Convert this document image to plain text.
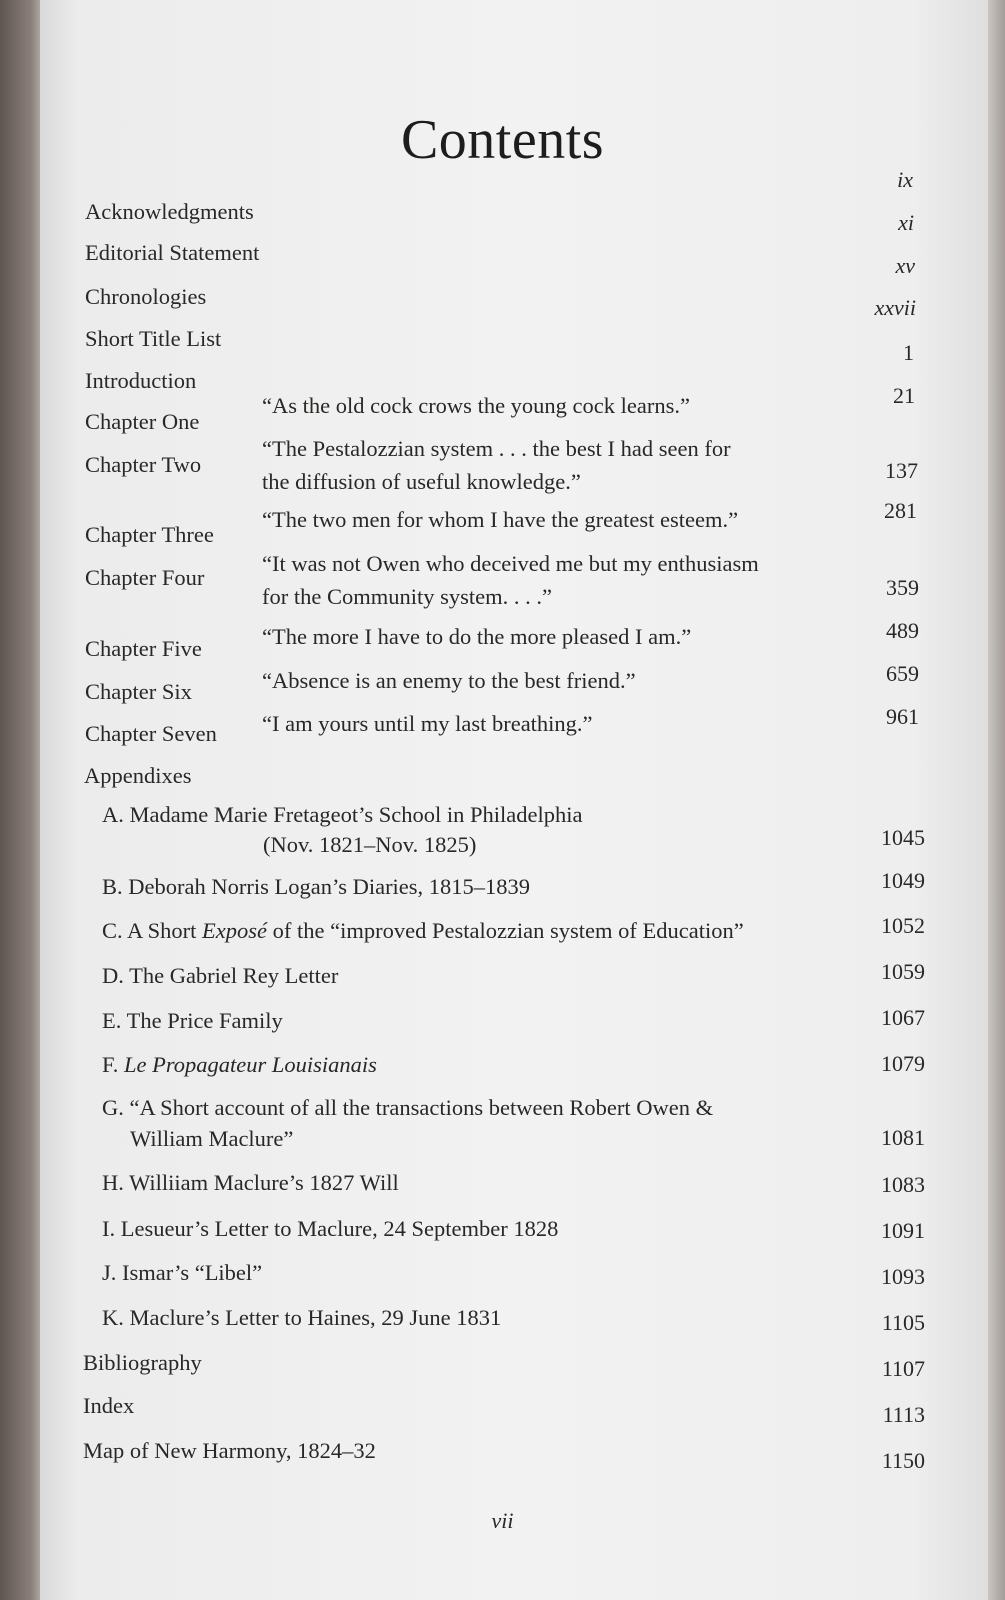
Contents
Acknowledgments
ix
Editorial Statement
xi
Chronologies
xv
Short Title List
xxvii
Introduction
1
Chapter One
“As the old cock crows the young cock learns.”	21
Chapter Two
“The Pestalozzian system . . . the best I had seen for
the diffusion of useful knowledge.”	137
Chapter Three
“The two men for whom I have the greatest esteem.”	281
Chapter Four
“It was not Owen who deceived me but my enthusiasm
for the Community system. . . .”	359
Chapter Five	“The more I have to do the more pleased I am.”	489
Chapter Six	“Absence is an enemy to the best friend.”	659
Chapter Seven “I am yours until my last breathing.”	961
Appendixes
A. Madame Marie Fretageot’s School in Philadelphia
(Nov. 1821–Nov. 1825)	1045
B. Deborah Norris Logan’s Diaries, 1815–1839	1049
C. A Short Exposé of the “improved Pestalozzian system of Education”	1052
D. The Gabriel Rey Letter	1059
E. The Price Family	1067
F. Le Propagateur Louisianais	1079
G. “A Short account of all the transactions between Robert Owen &
William Maclure”	1081
H. Williiam Maclure’s 1827 Will	1083
I. Lesueur’s Letter to Maclure, 24 September 1828	1091
J. Ismar’s “Libel”	1093
K. Maclure’s Letter to Haines, 29 June 1831	1105
Bibliography	1107
Index	1113
Map of New Harmony, 1824–32	1150
vii
